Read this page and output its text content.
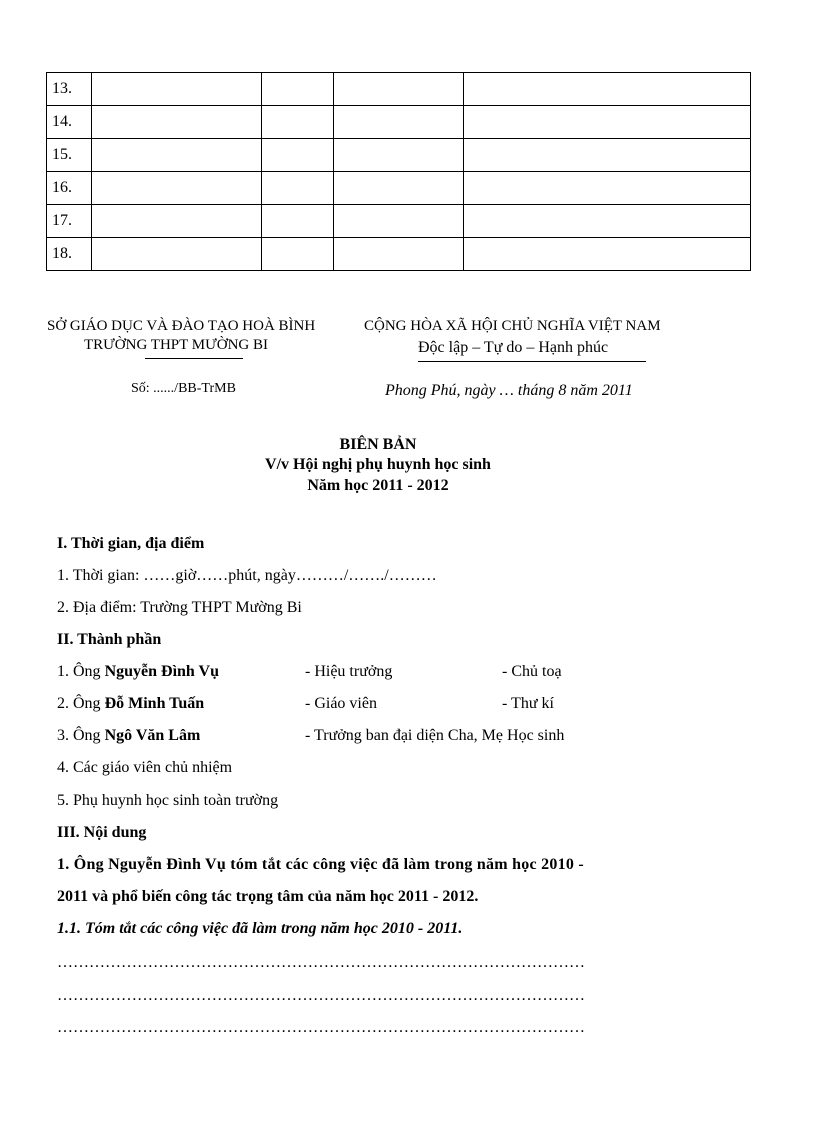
13.				
14.				
15.				
16.				
17.				
18.				
SỞ GIÁO DỤC VÀ ĐÀO TẠO HOÀ BÌNH
TRƯỜNG THPT MƯỜNG BI
Số: ....../BB-TrMB
CỘNG HÒA XÃ HỘI CHỦ NGHĨA VIỆT NAM
Độc lập – Tự do – Hạnh phúc
Phong Phú, ngày … tháng 8 năm 2011
BIÊN BẢN
V/v Hội nghị phụ huynh học sinh
Năm học 2011 - 2012
I. Thời gian, địa điểm
1. Thời gian: ……giờ……phút, ngày………/……./………
2. Địa điểm: Trường THPT Mường Bi
II. Thành phần
1. Ông Nguyễn Đình Vụ	- Hiệu trưởng	- Chủ toạ
2. Ông Đỗ Minh Tuấn	- Giáo viên	- Thư kí
3. Ông Ngô Văn Lâm	- Trưởng ban đại diện Cha, Mẹ Học sinh
4. Các giáo viên chủ nhiệm
5. Phụ huynh học sinh toàn trường
III. Nội dung
1. Ông Nguyễn Đình Vụ tóm tắt các công việc đã làm trong năm học 2010 -
2011 và phổ biến công tác trọng tâm của năm học 2011 - 2012.
1.1. Tóm tắt các công việc đã làm trong năm học 2010 - 2011.
………………………………………………………………………………………
………………………………………………………………………………………
………………………………………………………………………………………
